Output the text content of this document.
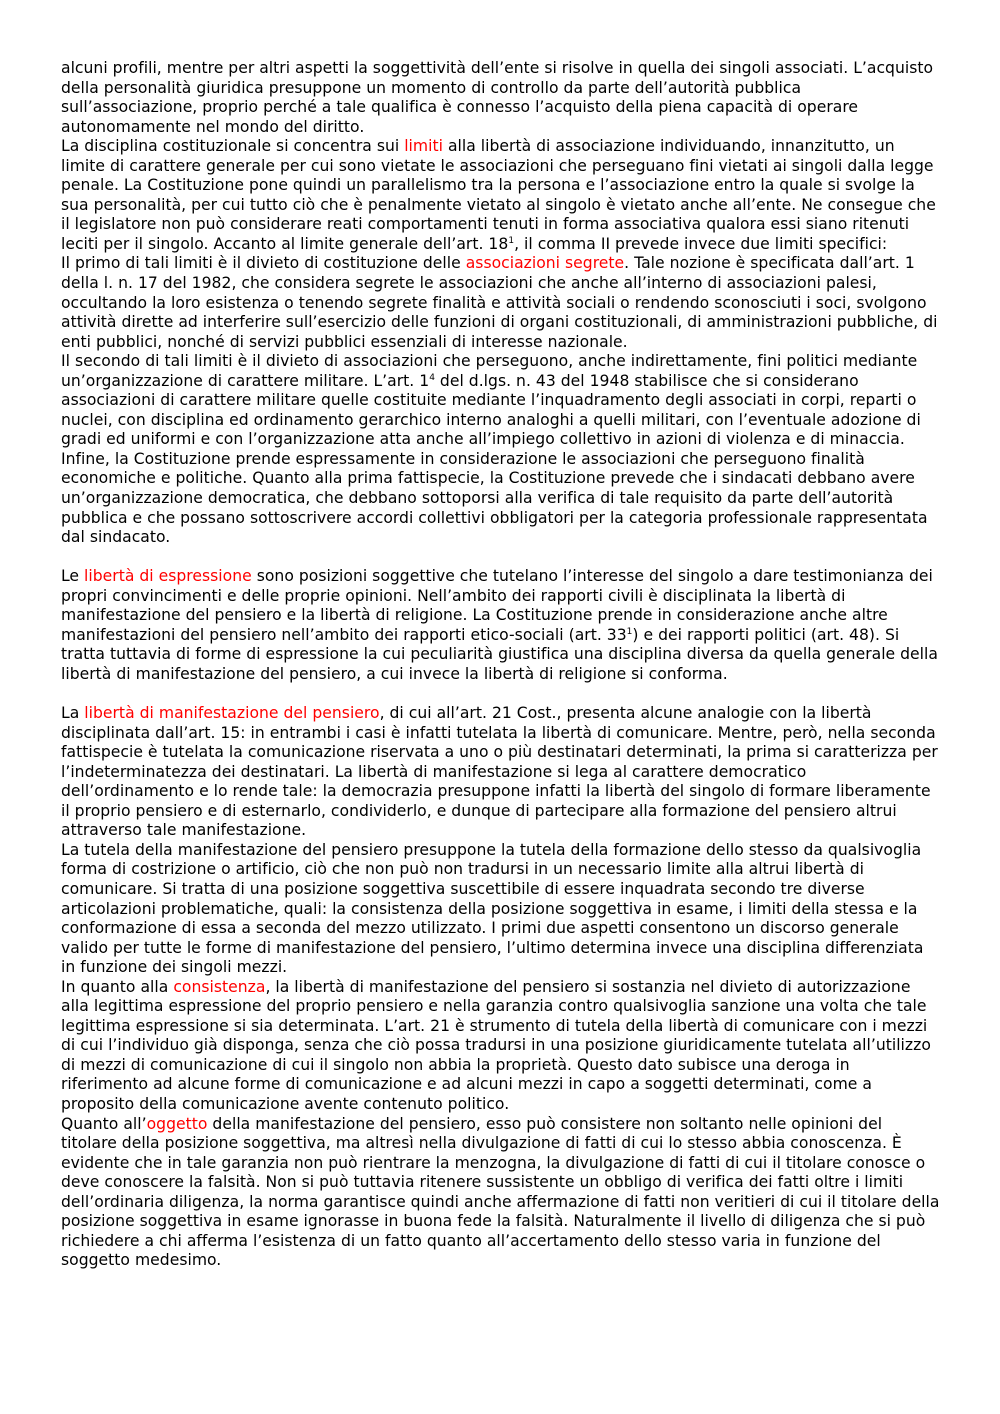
alcuni profili, mentre per altri aspetti la soggettività dell’ente si risolve in quella dei singoli associati. L’acquisto della personalità giuridica presuppone un momento di controllo da parte dell’autorità pubblica sull’associazione, proprio perché a tale qualifica è connesso l’acquisto della piena capacità di operare autonomamente nel mondo del diritto.

La disciplina costituzionale si concentra sui limiti alla libertà di associazione individuando, innanzitutto, un limite di carattere generale per cui sono vietate le associazioni che perseguano fini vietati ai singoli dalla legge penale. La Costituzione pone quindi un parallelismo tra la persona e l’associazione entro la quale si svolge la sua personalità, per cui tutto ciò che è penalmente vietato al singolo è vietato anche all’ente. Ne consegue che il legislatore non può considerare reati comportamenti tenuti in forma associativa qualora essi siano ritenuti leciti per il singolo. Accanto al limite generale dell’art. $18^1$, il comma II prevede invece due limiti specifici:

Il primo di tali limiti è il divieto di costituzione delle associazioni segrete. Tale nozione è specificata dall’art. 1 della l. n. 17 del 1982, che considera segrete le associazioni che anche all’interno di associazioni palesi, occultando la loro esistenza o tenendo segrete finalità e attività sociali o rendendo sconosciuti i soci, svolgono attività dirette ad interferire sull’esercizio delle funzioni di organi costituzionali, di amministrazioni pubbliche, di enti pubblici, nonché di servizi pubblici essenziali di interesse nazionale.

Il secondo di tali limiti è il divieto di associazioni che perseguono, anche indirettamente, fini politici mediante un’organizzazione di carattere militare. L’art. $1^4$ del d.lgs. n. 43 del 1948 stabilisce che si considerano associazioni di carattere militare quelle costituite mediante l’inquadramento degli associati in corpi, reparti o nuclei, con disciplina ed ordinamento gerarchico interno analoghi a quelli militari, con l’eventuale adozione di gradi ed uniformi e con l’organizzazione atta anche all’impiego collettivo in azioni di violenza e di minaccia.

Infine, la Costituzione prende espressamente in considerazione le associazioni che perseguono finalità economiche e politiche. Quanto alla prima fattispecie, la Costituzione prevede che i sindacati debbano avere un’organizzazione democratica, che debbano sottoporsi alla verifica di tale requisito da parte dell’autorità pubblica e che possano sottoscrivere accordi collettivi obbligatori per la categoria professionale rappresentata dal sindacato.

Le libertà di espressione sono posizioni soggettive che tutelano l’interesse del singolo a dare testimonianza dei propri convincimenti e delle proprie opinioni. Nell’ambito dei rapporti civili è disciplinata la libertà di manifestazione del pensiero e la libertà di religione. La Costituzione prende in considerazione anche altre manifestazioni del pensiero nell’ambito dei rapporti etico-sociali (art. $33^1$) e dei rapporti politici (art. 48). Si tratta tuttavia di forme di espressione la cui peculiarità giustifica una disciplina diversa da quella generale della libertà di manifestazione del pensiero, a cui invece la libertà di religione si conforma.

La libertà di manifestazione del pensiero, di cui all’art. 21 Cost., presenta alcune analogie con la libertà disciplinata dall’art. 15: in entrambi i casi è infatti tutelata la libertà di comunicare. Mentre, però, nella seconda fattispecie è tutelata la comunicazione riservata a uno o più destinatari determinati, la prima si caratterizza per l’indeterminatezza dei destinatari. La libertà di manifestazione si lega al carattere democratico dell’ordinamento e lo rende tale: la democrazia presuppone infatti la libertà del singolo di formare liberamente il proprio pensiero e di esternarlo, condividerlo, e dunque di partecipare alla formazione del pensiero altrui attraverso tale manifestazione.

La tutela della manifestazione del pensiero presuppone la tutela della formazione dello stesso da qualsivoglia forma di costrizione o artificio, ciò che non può non tradursi in un necessario limite alla altrui libertà di comunicare. Si tratta di una posizione soggettiva suscettibile di essere inquadrata secondo tre diverse articolazioni problematiche, quali: la consistenza della posizione soggettiva in esame, i limiti della stessa e la conformazione di essa a seconda del mezzo utilizzato. I primi due aspetti consentono un discorso generale valido per tutte le forme di manifestazione del pensiero, l’ultimo determina invece una disciplina differenziata in funzione dei singoli mezzi.

In quanto alla consistenza, la libertà di manifestazione del pensiero si sostanzia nel divieto di autorizzazione alla legittima espressione del proprio pensiero e nella garanzia contro qualsivoglia sanzione una volta che tale legittima espressione si sia determinata. L’art. 21 è strumento di tutela della libertà di comunicare con i mezzi di cui l’individuo già disponga, senza che ciò possa tradursi in una posizione giuridicamente tutelata all’utilizzo di mezzi di comunicazione di cui il singolo non abbia la proprietà. Questo dato subisce una deroga in riferimento ad alcune forme di comunicazione e ad alcuni mezzi in capo a soggetti determinati, come a proposito della comunicazione avente contenuto politico.

Quanto all’oggetto della manifestazione del pensiero, esso può consistere non soltanto nelle opinioni del titolare della posizione soggettiva, ma altresì nella divulgazione di fatti di cui lo stesso abbia conoscenza. È evidente che in tale garanzia non può rientrare la menzogna, la divulgazione di fatti di cui il titolare conosce o deve conoscere la falsità. Non si può tuttavia ritenere sussistente un obbligo di verifica dei fatti oltre i limiti dell’ordinaria diligenza, la norma garantisce quindi anche affermazione di fatti non veritieri di cui il titolare della posizione soggettiva in esame ignorasse in buona fede la falsità. Naturalmente il livello di diligenza che si può richiedere a chi afferma l’esistenza di un fatto quanto all’accertamento dello stesso varia in funzione del soggetto medesimo.
